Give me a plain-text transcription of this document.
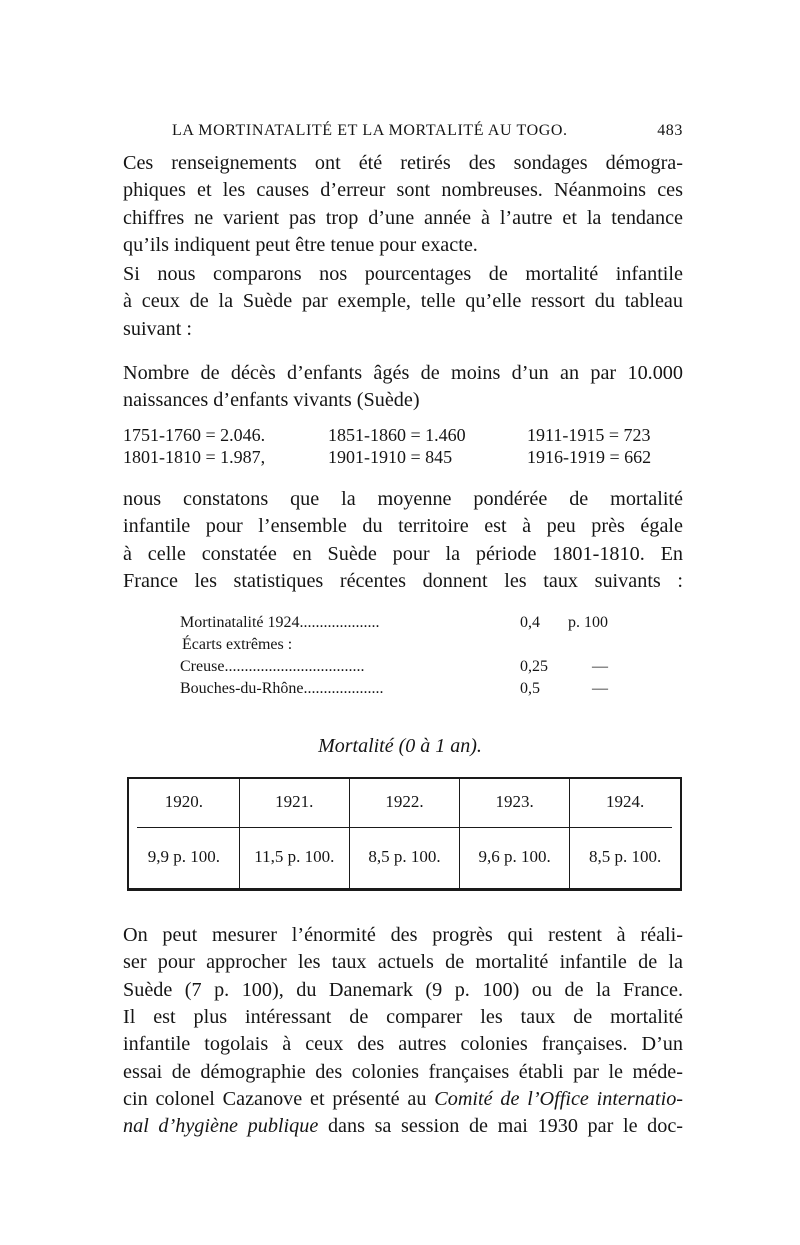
LA MORTINATALITÉ ET LA MORTALITÉ AU TOGO.	483
Ces renseignements ont été retirés des sondages démogra-
phiques et les causes d’erreur sont nombreuses. Néanmoins ces
chiffres ne varient pas trop d’une année à l’autre et la tendance
qu’ils indiquent peut être tenue pour exacte.
Si nous comparons nos pourcentages de mortalité infantile
à ceux de la Suède par exemple, telle qu’elle ressort du tableau
suivant :
Nombre de décès d’enfants âgés de moins d’un an par 10.000
naissances d’enfants vivants (Suède)
1751-1760 = 2.046.	1851-1860 = 1.460	1911-1915 = 723
1801-1810 = 1.987,	1901-1910 = 845	1916-1919 = 662
nous constatons que la moyenne pondérée de mortalité
infantile pour l’ensemble du territoire est à peu près égale
à celle constatée en Suède pour la période 1801-1810. En
France les statistiques récentes donnent les taux suivants :
Mortinatalité 1924....................	0,4 p. 100
Écarts extrêmes :
Creuse...................................	0,25	—
Bouches-du-Rhône....................	0,5	—
Mortalité (0 à 1 an).
1920.	1921.	1922.	1923.	1924.
9,9 p. 100.	11,5 p. 100.	8,5 p. 100.	9,6 p. 100.	8,5 p. 100.
On peut mesurer l’énormité des progrès qui restent à réali-
ser pour approcher les taux actuels de mortalité infantile de la
Suède (7 p. 100), du Danemark (9 p. 100) ou de la France.
Il est plus intéressant de comparer les taux de mortalité
infantile togolais à ceux des autres colonies françaises. D’un
essai de démographie des colonies françaises établi par le méde-
cin colonel Cazanove et présenté au Comité de l’Office internatio-
nal d’hygiène publique dans sa session de mai 1930 par le doc-
